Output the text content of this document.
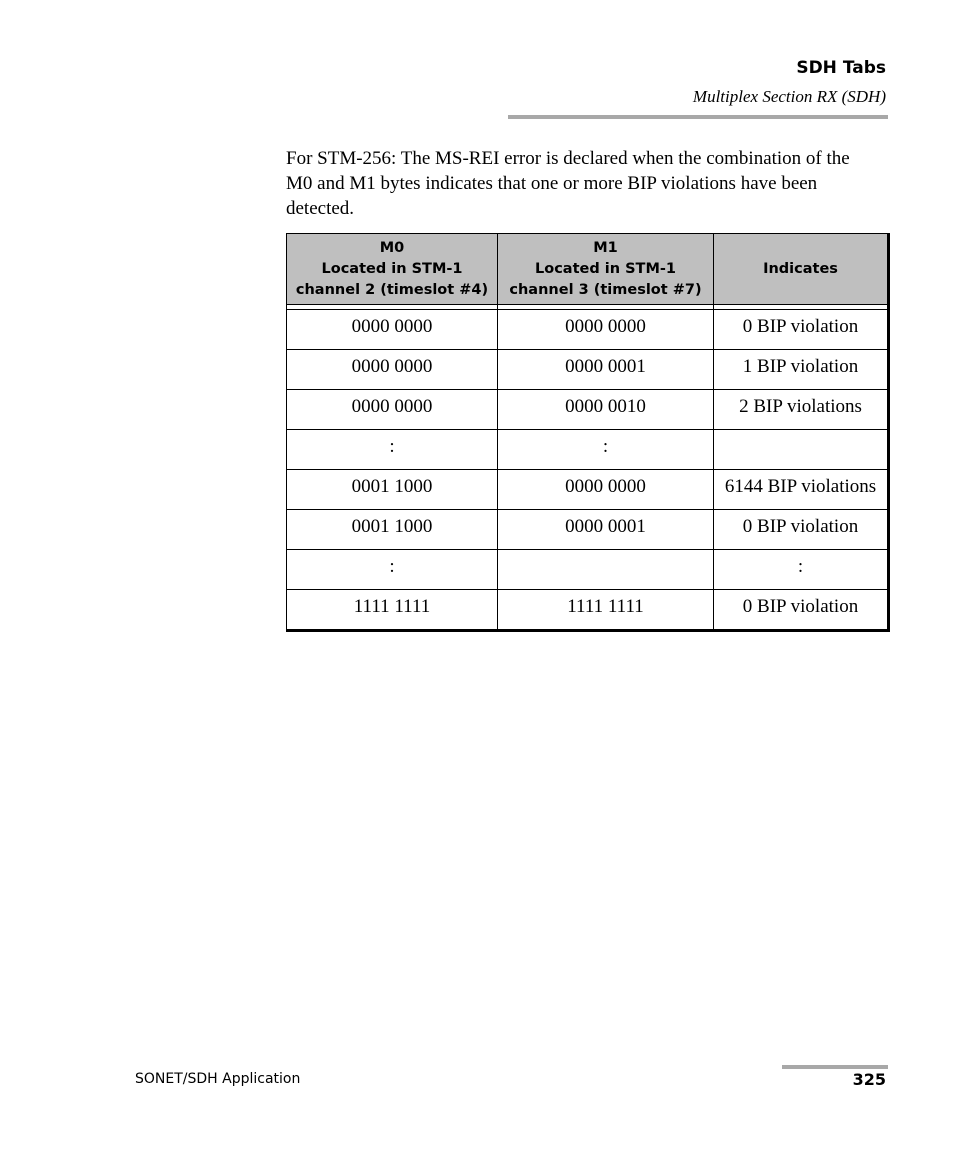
SDH Tabs
Multiplex Section RX (SDH)

For STM-256: The MS-REI error is declared when the combination of the M0 and M1 bytes indicates that one or more BIP violations have been detected.

M0
Located in STM-1
channel 2 (timeslot #4)	M1
Located in STM-1
channel 3 (timeslot #7)	Indicates

0000 0000	0000 0000	0 BIP violation
0000 0000	0000 0001	1 BIP violation
0000 0000	0000 0010	2 BIP violations
:	:	
0001 1000	0000 0000	6144 BIP violations
0001 1000	0000 0001	0 BIP violation
:		:
1111 1111	1111 1111	0 BIP violation
SONET/SDH Application	325
